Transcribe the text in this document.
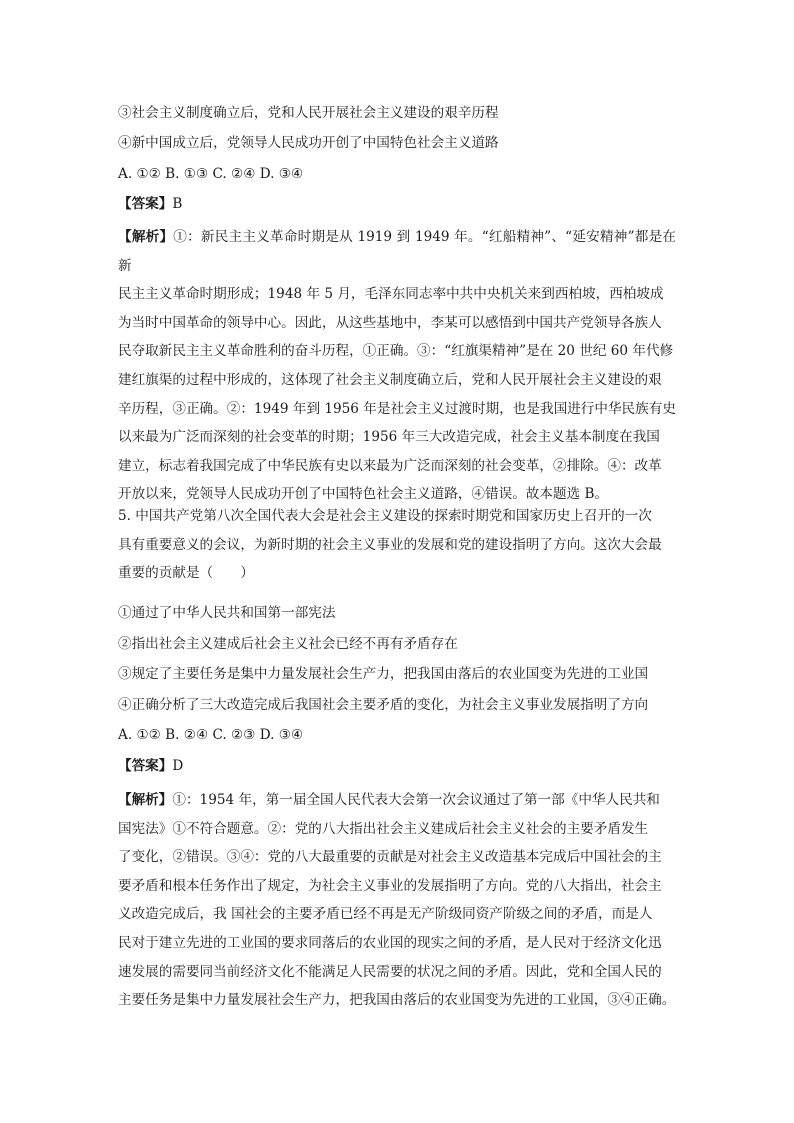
③社会主义制度确立后，党和人民开展社会主义建设的艰辛历程
④新中国成立后，党领导人民成功开创了中国特色社会主义道路
A. ①② B. ①③ C. ②④ D. ③④
【答案】B
【解析】①：新民主主义革命时期是从 1919 到 1949 年。“红船精神”、“延安精神”都是在新
民主主义革命时期形成；1948 年 5 月，毛泽东同志率中共中央机关来到西柏坡，西柏坡成
为当时中国革命的领导中心。因此，从这些基地中，李某可以感悟到中国共产党领导各族人
民夺取新民主主义革命胜利的奋斗历程，①正确。③：“红旗渠精神”是在 20 世纪 60 年代修
建红旗渠的过程中形成的，这体现了社会主义制度确立后，党和人民开展社会主义建设的艰
辛历程，③正确。②：1949 年到 1956 年是社会主义过渡时期，也是我国进行中华民族有史
以来最为广泛而深刻的社会变革的时期；1956 年三大改造完成，社会主义基本制度在我国
建立，标志着我国完成了中华民族有史以来最为广泛而深刻的社会变革，②排除。④：改革
开放以来，党领导人民成功开创了中国特色社会主义道路，④错误。故本题选 B。
5. 中国共产党第八次全国代表大会是社会主义建设的探索时期党和国家历史上召开的一次
具有重要意义的会议，为新时期的社会主义事业的发展和党的建设指明了方向。这次大会最
重要的贡献是（　　）
①通过了中华人民共和国第一部宪法
②指出社会主义建成后社会主义社会已经不再有矛盾存在
③规定了主要任务是集中力量发展社会生产力，把我国由落后的农业国变为先进的工业国
④正确分析了三大改造完成后我国社会主要矛盾的变化，为社会主义事业发展指明了方向
A. ①② B. ②④ C. ②③ D. ③④
【答案】D
【解析】①：1954 年，第一届全国人民代表大会第一次会议通过了第一部《中华人民共和
国宪法》①不符合题意。②：党的八大指出社会主义建成后社会主义社会的主要矛盾发生
了变化，②错误。③④：党的八大最重要的贡献是对社会主义改造基本完成后中国社会的主
要矛盾和根本任务作出了规定，为社会主义事业的发展指明了方向。党的八大指出，社会主
义改造完成后，我 国社会的主要矛盾已经不再是无产阶级同资产阶级之间的矛盾，而是人
民对于建立先进的工业国的要求同落后的农业国的现实之间的矛盾，是人民对于经济文化迅
速发展的需要同当前经济文化不能满足人民需要的状况之间的矛盾。因此，党和全国人民的
主要任务是集中力量发展社会生产力，把我国由落后的农业国变为先进的工业国，③④正确。
